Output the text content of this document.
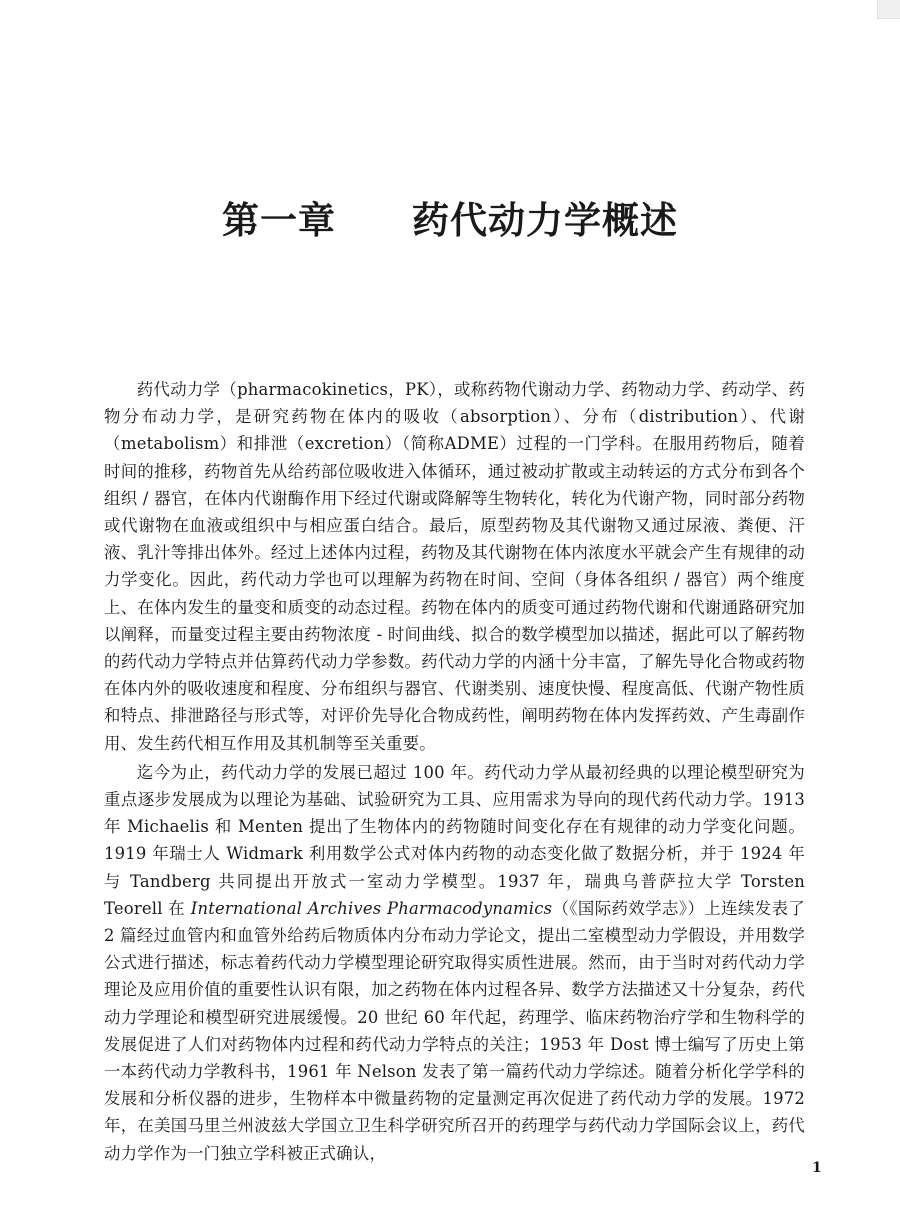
第一章　　药代动力学概述

药代动力学（pharmacokinetics，PK），或称药物代谢动力学、药物动力学、药动学、药物分布动力学，是研究药物在体内的吸收（absorption）、分布（distribution）、代谢（metabolism）和排泄（excretion）（简称ADME）过程的一门学科。在服用药物后，随着时间的推移，药物首先从给药部位吸收进入体循环，通过被动扩散或主动转运的方式分布到各个组织 / 器官，在体内代谢酶作用下经过代谢或降解等生物转化，转化为代谢产物，同时部分药物或代谢物在血液或组织中与相应蛋白结合。最后，原型药物及其代谢物又通过尿液、粪便、汗液、乳汁等排出体外。经过上述体内过程，药物及其代谢物在体内浓度水平就会产生有规律的动力学变化。因此，药代动力学也可以理解为药物在时间、空间（身体各组织 / 器官）两个维度上、在体内发生的量变和质变的动态过程。药物在体内的质变可通过药物代谢和代谢通路研究加以阐释，而量变过程主要由药物浓度 - 时间曲线、拟合的数学模型加以描述，据此可以了解药物的药代动力学特点并估算药代动力学参数。药代动力学的内涵十分丰富，了解先导化合物或药物在体内外的吸收速度和程度、分布组织与器官、代谢类别、速度快慢、程度高低、代谢产物性质和特点、排泄路径与形式等，对评价先导化合物成药性，阐明药物在体内发挥药效、产生毒副作用、发生药代相互作用及其机制等至关重要。

迄今为止，药代动力学的发展已超过 100 年。药代动力学从最初经典的以理论模型研究为重点逐步发展成为以理论为基础、试验研究为工具、应用需求为导向的现代药代动力学。1913 年 Michaelis 和 Menten 提出了生物体内的药物随时间变化存在有规律的动力学变化问题。1919 年瑞士人 Widmark 利用数学公式对体内药物的动态变化做了数据分析，并于 1924 年与 Tandberg 共同提出开放式一室动力学模型。1937 年，瑞典乌普萨拉大学 Torsten Teorell 在 International Archives Pharmacodynamics（《国际药效学志》）上连续发表了 2 篇经过血管内和血管外给药后物质体内分布动力学论文，提出二室模型动力学假设，并用数学公式进行描述，标志着药代动力学模型理论研究取得实质性进展。然而，由于当时对药代动力学理论及应用价值的重要性认识有限，加之药物在体内过程各异、数学方法描述又十分复杂，药代动力学理论和模型研究进展缓慢。20 世纪 60 年代起，药理学、临床药物治疗学和生物科学的发展促进了人们对药物体内过程和药代动力学特点的关注；1953 年 Dost 博士编写了历史上第一本药代动力学教科书，1961 年 Nelson 发表了第一篇药代动力学综述。随着分析化学学科的发展和分析仪器的进步，生物样本中微量药物的定量测定再次促进了药代动力学的发展。1972 年，在美国马里兰州波兹大学国立卫生科学研究所召开的药理学与药代动力学国际会议上，药代动力学作为一门独立学科被正式确认，

1
